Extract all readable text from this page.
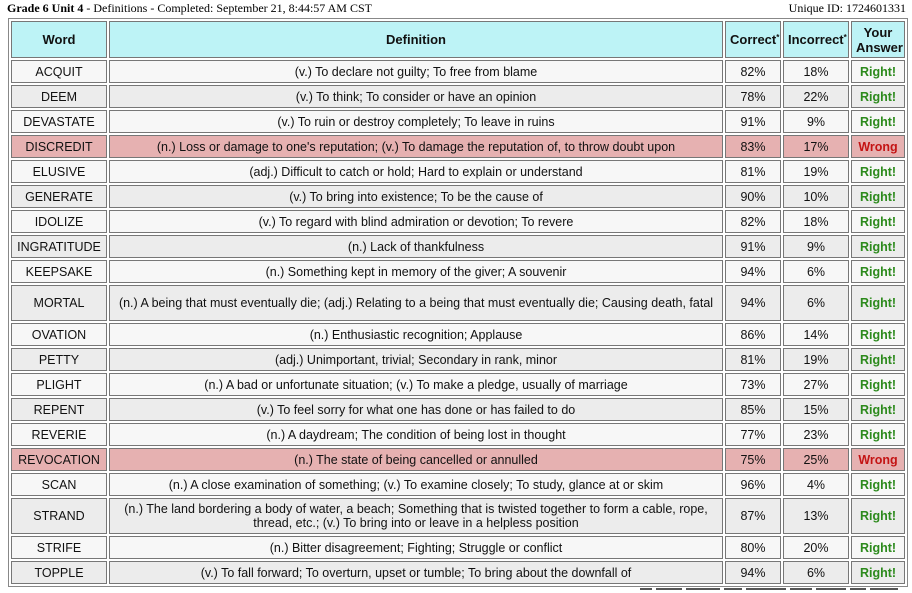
Grade 6 Unit 4 - Definitions - Completed: September 21, 8:44:57 AM CST	Unique ID: 1724601331
Word	Definition	Correct*	Incorrect*	Your
Answer
ACQUIT	(v.) To declare not guilty; To free from blame	82%	18%	Right!
DEEM	(v.) To think; To consider or have an opinion	78%	22%	Right!
DEVASTATE	(v.) To ruin or destroy completely; To leave in ruins	91%	9%	Right!
DISCREDIT	(n.) Loss or damage to one's reputation; (v.) To damage the reputation of, to throw doubt upon	83%	17%	Wrong
ELUSIVE	(adj.) Difficult to catch or hold; Hard to explain or understand	81%	19%	Right!
GENERATE	(v.) To bring into existence; To be the cause of	90%	10%	Right!
IDOLIZE	(v.) To regard with blind admiration or devotion; To revere	82%	18%	Right!
INGRATITUDE	(n.) Lack of thankfulness	91%	9%	Right!
KEEPSAKE	(n.) Something kept in memory of the giver; A souvenir	94%	6%	Right!
MORTAL	(n.) A being that must eventually die; (adj.) Relating to a being that must eventually die; Causing death, fatal	94%	6%	Right!
OVATION	(n.) Enthusiastic recognition; Applause	86%	14%	Right!
PETTY	(adj.) Unimportant, trivial; Secondary in rank, minor	81%	19%	Right!
PLIGHT	(n.) A bad or unfortunate situation; (v.) To make a pledge, usually of marriage	73%	27%	Right!
REPENT	(v.) To feel sorry for what one has done or has failed to do	85%	15%	Right!
REVERIE	(n.) A daydream; The condition of being lost in thought	77%	23%	Right!
REVOCATION	(n.) The state of being cancelled or annulled	75%	25%	Wrong
SCAN	(n.) A close examination of something; (v.) To examine closely; To study, glance at or skim	96%	4%	Right!
STRAND	(n.) The land bordering a body of water, a beach; Something that is twisted together to form a cable, rope, thread, etc.; (v.) To bring into or leave in a helpless position	87%	13%	Right!
STRIFE	(n.) Bitter disagreement; Fighting; Struggle or conflict	80%	20%	Right!
TOPPLE	(v.) To fall forward; To overturn, upset or tumble; To bring about the downfall of	94%	6%	Right!
